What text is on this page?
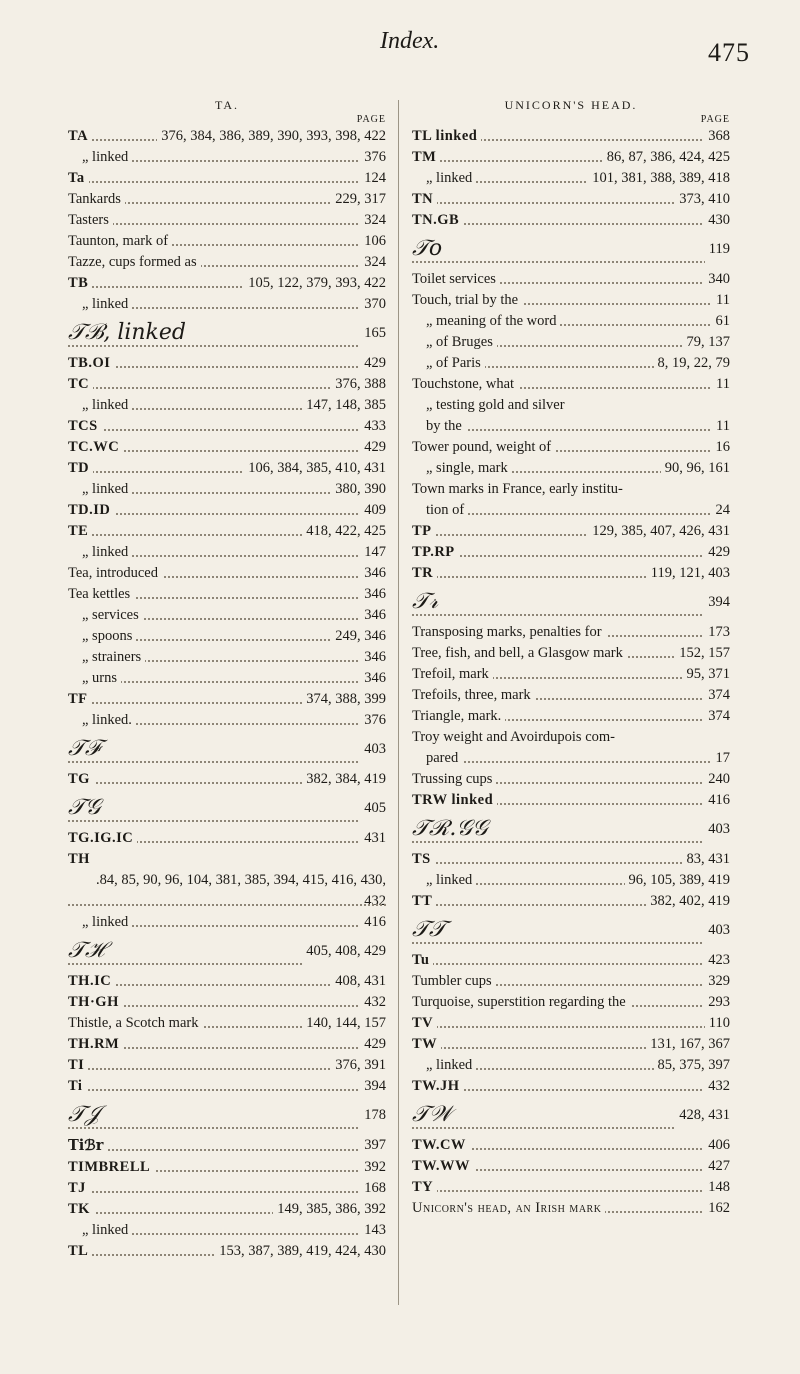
Index.	475
TA.
PAGE
TA	376, 384, 386, 389, 390, 393, 398, 422
„ linked	376
Ta	124
Tankards	229, 317
Tasters	324
Taunton, mark of	106
Tazze, cups formed as	324
TB	105, 122, 379, 393, 422
„ linked	370
𝒯ℬ, linked	165
TB.OI	429
TC	376, 388
„ linked	147, 148, 385
TCS	433
TC.WC	429
TD	106, 384, 385, 410, 431
„ linked	380, 390
TD.ID	409
TE	418, 422, 425
„ linked	147
Tea, introduced	346
Tea kettles	346
„ services	346
„ spoons	249, 346
„ strainers	346
„ urns	346
TF	374, 388, 399
„ linked.	376
𝒯ℱ	403
TG	382, 384, 419
𝒯𝒢	405
TG.IG.IC	431
TH
.84, 85, 90, 96, 104, 381, 385, 394, 415, 416, 430, 432
„ linked	416
𝒯ℋ	405, 408, 429
TH.IC	408, 431
TH·GH	432
Thistle, a Scotch mark	140, 144, 157
TH.RM	429
TI	376, 391
Ti	394
𝒯𝒥	178
Tiℬr	397
TIMBRELL	392
TJ	168
TK	149, 385, 386, 392
„ linked	143
TL	153, 387, 389, 419, 424, 430
UNICORN'S HEAD.
PAGE
TL linked	368
TM	86, 87, 386, 424, 425
„ linked	101, 381, 388, 389, 418
TN	373, 410
TN.GB	430
𝒯𝑜	119
Toilet services	340
Touch, trial by the	11
„ meaning of the word	61
„ of Bruges	79, 137
„ of Paris	8, 19, 22, 79
Touchstone, what	11
„ testing gold and silver
by the	11
Tower pound, weight of	16
„ single, mark	90, 96, 161
Town marks in France, early institu-
tion of	24
TP	129, 385, 407, 426, 431
TP.RP	429
TR	119, 121, 403
𝒯𝓇	394
Transposing marks, penalties for	173
Tree, fish, and bell, a Glasgow mark	152, 157
Trefoil, mark	95, 371
Trefoils, three, mark	374
Triangle, mark.	374
Troy weight and Avoirdupois com-
pared	17
Trussing cups	240
TRW linked	416
𝒯ℛ.𝒢𝒢	403
TS	83, 431
„ linked	96, 105, 389, 419
TT	382, 402, 419
𝒯𝒯	403
Tu	423
Tumbler cups	329
Turquoise, superstition regarding the	293
TV	110
TW	131, 167, 367
„ linked	85, 375, 397
TW.JH	432
𝒯𝒲	428, 431
TW.CW	406
TW.WW	427
TY	148
Unicorn's head, an Irish mark	162
